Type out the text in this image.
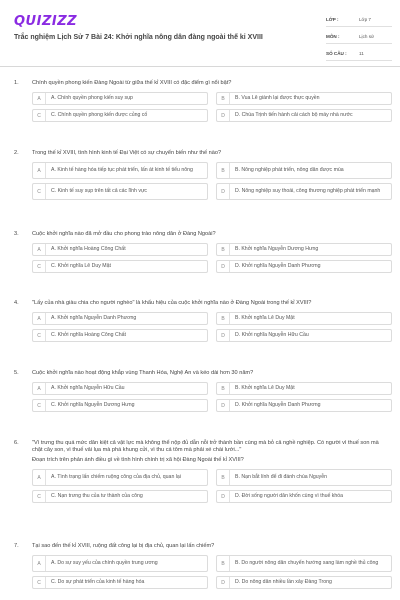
QUIZIZZ
Trắc nghiệm Lịch Sử 7 Bài 24: Khởi nghĩa nông dân đàng ngoài thế kỉ XVIII
LỚP :	Lớp 7
MÔN :	Lịch sử
SỐ CÂU :	11
1.	Chính quyền phong kiến Đàng Ngoài từ giữa thế kỉ XVIII có đặc điểm gì nổi bật?
A	A. Chính quyền phong kiến suy sụp	B	B. Vua Lê giành lại được thực quyền
C	C. Chính quyền phong kiến được củng cố	D	D. Chúa Trịnh tiến hành cải cách bộ máy nhà nước
2.	Trong thế kỉ XVIII, tình hình kinh tế Đại Việt có sự chuyển biến như thế nào?
A	A. Kinh tế hàng hóa tiếp tục phát triển, lấn át kinh tế tiểu nông	B	B. Nông nghiệp phát triển, nông dân được mùa
C	C. Kinh tế suy sụp trên tất cả các lĩnh vực	D	D. Nông nghiệp suy thoái, công thương nghiệp phát triển mạnh
3.	Cuộc khởi nghĩa nào đã mở đầu cho phong trào nông dân ở Đàng Ngoài?
A	A. Khởi nghĩa Hoàng Công Chất	B	B. Khởi nghĩa Nguyễn Dương Hưng
C	C. Khởi nghĩa Lê Duy Mật	D	D. Khởi nghĩa Nguyễn Danh Phương
4.	"Lấy của nhà giàu chia cho người nghèo" là khẩu hiệu của cuộc khởi nghĩa nào ở Đàng Ngoài trong thế kỉ XVIII?
A	A. Khởi nghĩa Nguyễn Danh Phương	B	B. Khởi nghĩa Lê Duy Mật
C	C. Khởi nghĩa Hoàng Công Chất	D	D. Khởi nghĩa Nguyễn Hữu Cầu
5.	Cuộc khởi nghĩa nào hoạt động khắp vùng Thanh Hóa, Nghệ An và kéo dài hơn 30 năm?
A	A. Khởi nghĩa Nguyễn Hữu Cầu	B	B. Khởi nghĩa Lê Duy Mật
C	C. Khởi nghĩa Nguyễn Dương Hưng	D	D. Khởi nghĩa Nguyễn Danh Phương
6.	"Vì trưng thu quá mức dân kiệt cả vật lực mà không thể nộp đủ dẫn nỗi trở thành bần cùng mà bỏ cả nghề nghiệp. Có người vì thuế son mà chặt cây son, vì thuế vải lụa mà phá khung cửi, vì thu cá tôm mà phải xé chài lưới..."
Đoạn trích trên phản ánh điều gì về tình hình chính trị xã hội Đàng Ngoài thế kỉ XVIII?
A	A. Tình trạng lấn chiếm ruộng công của địa chủ, quan lại	B	B. Nạn bắt lính để đi đánh chúa Nguyễn
C	C. Nạn trưng thu của tư thành của công	D	D. Đời sống người dân khốn cùng vì thuế khóa
7.	Tại sao đến thế kỉ XVIII, ruộng đất công lại bị địa chủ, quan lại lấn chiếm?
A	A. Do sự suy yếu của chính quyền trung ương	B	B. Do người nông dân chuyển hướng sang làm nghề thủ công
C	C. Do sự phát triển của kinh tế hàng hóa	D	D. Do nông dân nhiều lần xảy Đàng Trong
